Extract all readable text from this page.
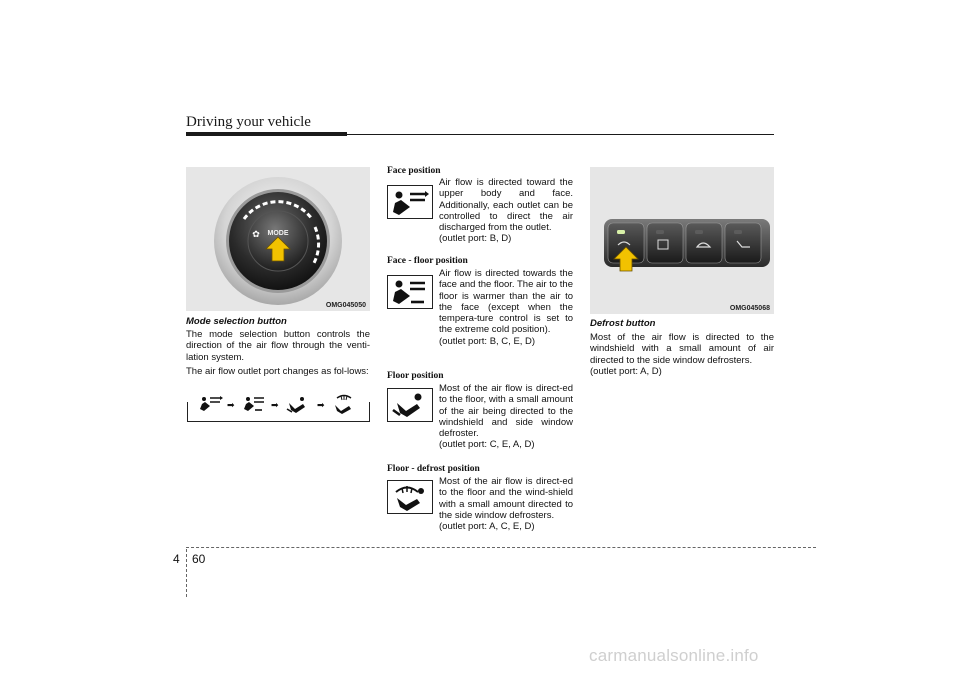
Driving your vehicle
MODE
✿
OMG045050
Mode selection button
The mode selection button controls the direction of the air flow through the venti-lation system.
The air flow outlet port changes as fol-lows:
➡	➡	➡
Face position
Air flow is directed toward the upper body and face. Additionally, each outlet can be controlled to direct the air discharged from the outlet.
(outlet port: B, D)
Face - floor position
Air flow is directed towards the face and the floor. The air to the floor is warmer than the air to the face (except when the tempera-ture control is set to the extreme cold position).
(outlet port: B, C, E, D)
Floor position
Most of the air flow is direct-ed to the floor, with a small amount of the air being directed to the windshield and side window defroster.
(outlet port: C, E, A, D)
Floor - defrost position
Most of the air flow is direct-ed to the floor and the wind-shield with a small amount directed to the side window defrosters.
(outlet port: A, C, E, D)
OMG045068
Defrost button
Most of the air flow is directed to the windshield with a small amount of air directed to the side window defrosters.
(outlet port: A, D)
4 60
carmanualsonline.info
